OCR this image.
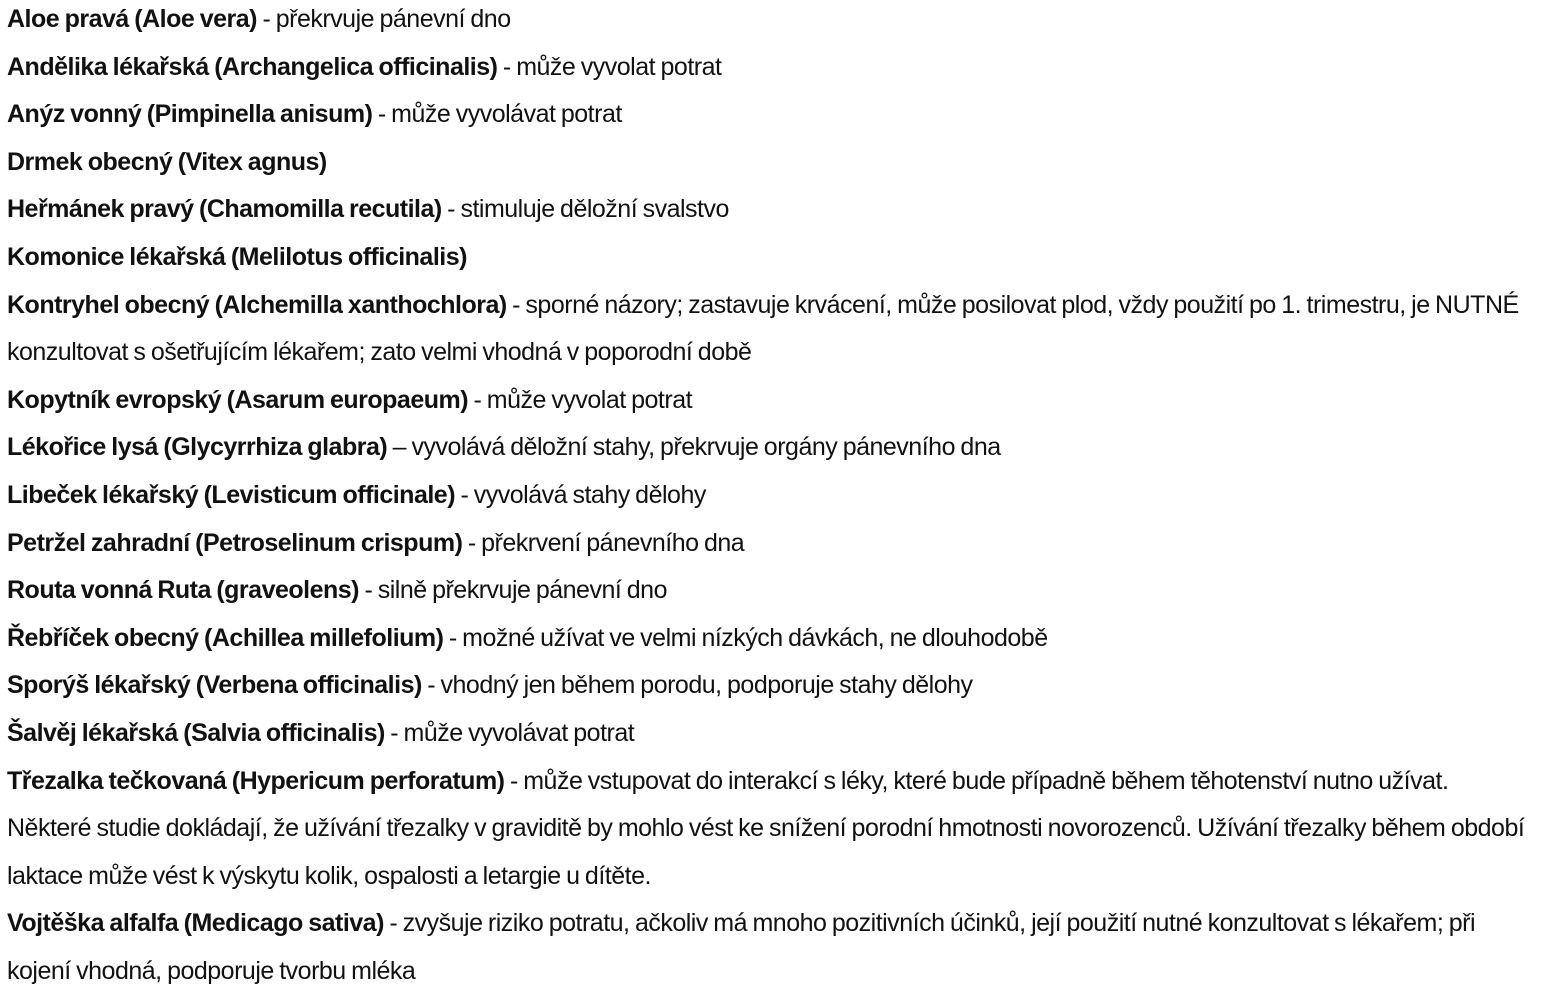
Aloe pravá (Aloe vera) - překrvuje pánevní dno

Andělika lékařská (Archangelica officinalis) - může vyvolat potrat

Anýz vonný (Pimpinella anisum) - může vyvolávat potrat

Drmek obecný (Vitex agnus)

Heřmánek pravý (Chamomilla recutila) - stimuluje děložní svalstvo

Komonice lékařská (Melilotus officinalis)

Kontryhel obecný (Alchemilla xanthochlora) - sporné názory; zastavuje krvácení, může posilovat plod, vždy použití po 1. trimestru, je NUTNÉ konzultovat s ošetřujícím lékařem; zato velmi vhodná v poporodní době

Kopytník evropský (Asarum europaeum) - může vyvolat potrat

Lékořice lysá (Glycyrrhiza glabra) – vyvolává děložní stahy, překrvuje orgány pánevního dna

Libeček lékařský (Levisticum officinale) - vyvolává stahy dělohy

Petržel zahradní (Petroselinum crispum) - překrvení pánevního dna

Routa vonná Ruta (graveolens) - silně překrvuje pánevní dno

Řebříček obecný (Achillea millefolium) - možné užívat ve velmi nízkých dávkách, ne dlouhodobě

Sporýš lékařský (Verbena officinalis) - vhodný jen během porodu, podporuje stahy dělohy

Šalvěj lékařská (Salvia officinalis) - může vyvolávat potrat

Třezalka tečkovaná (Hypericum perforatum) - může vstupovat do interakcí s léky, které bude případně během těhotenství nutno užívat. Některé studie dokládají, že užívání třezalky v graviditě by mohlo vést ke snížení porodní hmotnosti novorozenců. Užívání třezalky během období laktace může vést k výskytu kolik, ospalosti a letargie u dítěte.

Vojtěška alfalfa (Medicago sativa) - zvyšuje riziko potratu, ačkoliv má mnoho pozitivních účinků, její použití nutné konzultovat s lékařem; při kojení vhodná, podporuje tvorbu mléka
